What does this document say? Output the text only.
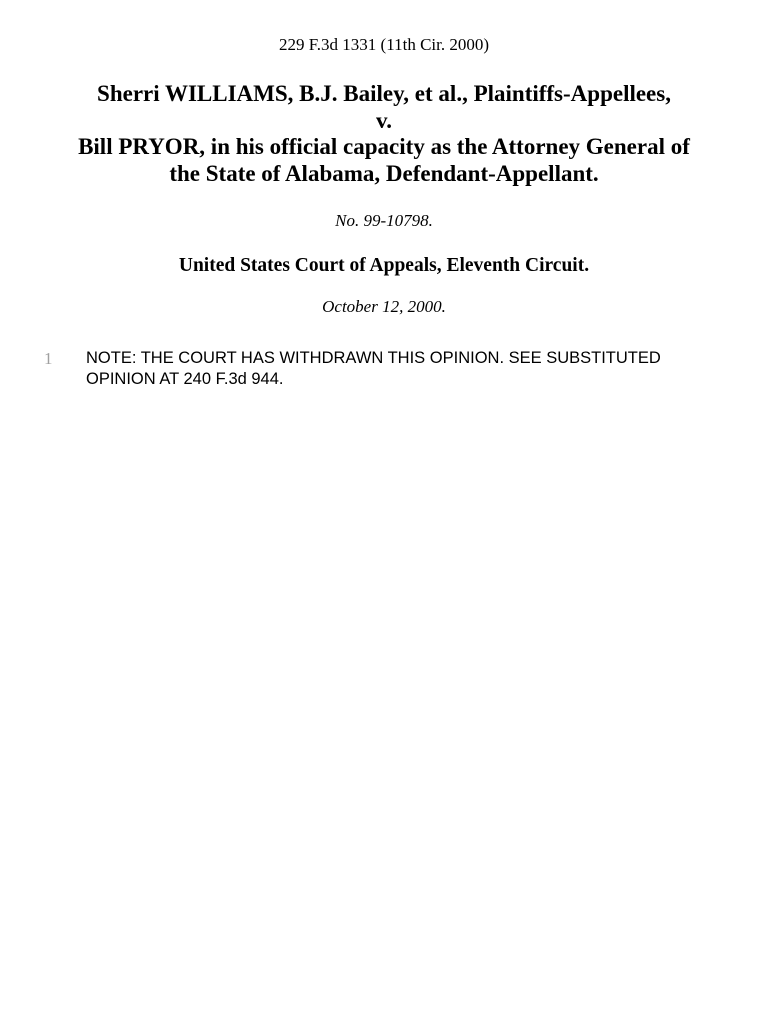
229 F.3d 1331 (11th Cir. 2000)
Sherri WILLIAMS, B.J. Bailey, et al., Plaintiffs-Appellees,
v.
Bill PRYOR, in his official capacity as the Attorney General of
the State of Alabama, Defendant-Appellant.
No. 99-10798.
United States Court of Appeals, Eleventh Circuit.
October 12, 2000.
1 NOTE: THE COURT HAS WITHDRAWN THIS OPINION. SEE SUBSTITUTED OPINION AT 240 F.3d 944.
